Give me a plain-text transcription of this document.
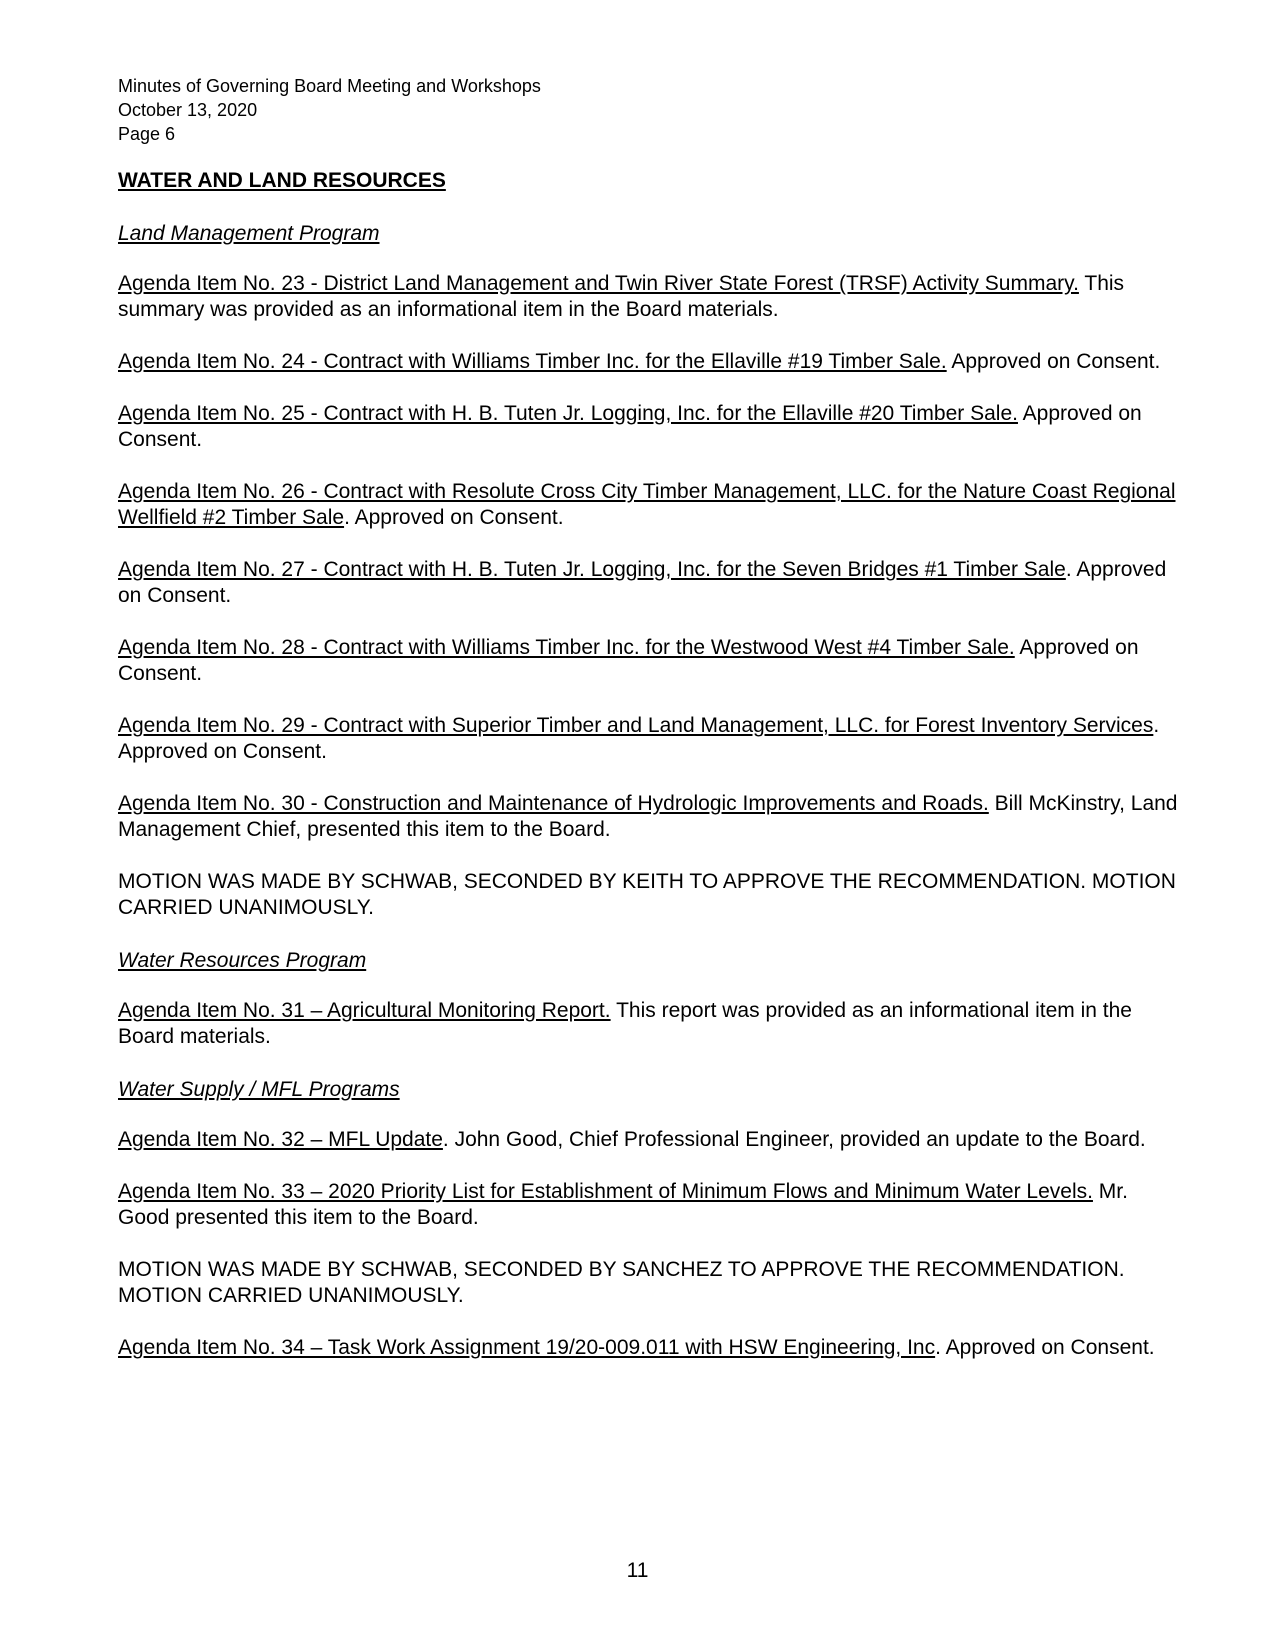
Minutes of Governing Board Meeting and Workshops

October 13, 2020

Page 6

WATER AND LAND RESOURCES

Land Management Program

Agenda Item No. 23 - District Land Management and Twin River State Forest (TRSF) Activity Summary. This summary was provided as an informational item in the Board materials.

Agenda Item No. 24 - Contract with Williams Timber Inc. for the Ellaville #19 Timber Sale. Approved on Consent.

Agenda Item No. 25 - Contract with H. B. Tuten Jr. Logging, Inc. for the Ellaville #20 Timber Sale. Approved on Consent.

Agenda Item No. 26 - Contract with Resolute Cross City Timber Management, LLC. for the Nature Coast Regional Wellfield #2 Timber Sale. Approved on Consent.

Agenda Item No. 27 - Contract with H. B. Tuten Jr. Logging, Inc. for the Seven Bridges #1 Timber Sale. Approved on Consent.

Agenda Item No. 28 - Contract with Williams Timber Inc. for the Westwood West #4 Timber Sale. Approved on Consent.

Agenda Item No. 29 - Contract with Superior Timber and Land Management, LLC. for Forest Inventory Services. Approved on Consent.

Agenda Item No. 30 - Construction and Maintenance of Hydrologic Improvements and Roads. Bill McKinstry, Land Management Chief, presented this item to the Board.

MOTION WAS MADE BY SCHWAB, SECONDED BY KEITH TO APPROVE THE RECOMMENDATION. MOTION CARRIED UNANIMOUSLY.

Water Resources Program

Agenda Item No. 31 – Agricultural Monitoring Report. This report was provided as an informational item in the Board materials.

Water Supply / MFL Programs

Agenda Item No. 32 – MFL Update. John Good, Chief Professional Engineer, provided an update to the Board.

Agenda Item No. 33 – 2020 Priority List for Establishment of Minimum Flows and Minimum Water Levels. Mr. Good presented this item to the Board.

MOTION WAS MADE BY SCHWAB, SECONDED BY SANCHEZ TO APPROVE THE RECOMMENDATION. MOTION CARRIED UNANIMOUSLY.

Agenda Item No. 34 – Task Work Assignment 19/20-009.011 with HSW Engineering, Inc. Approved on Consent.

11
